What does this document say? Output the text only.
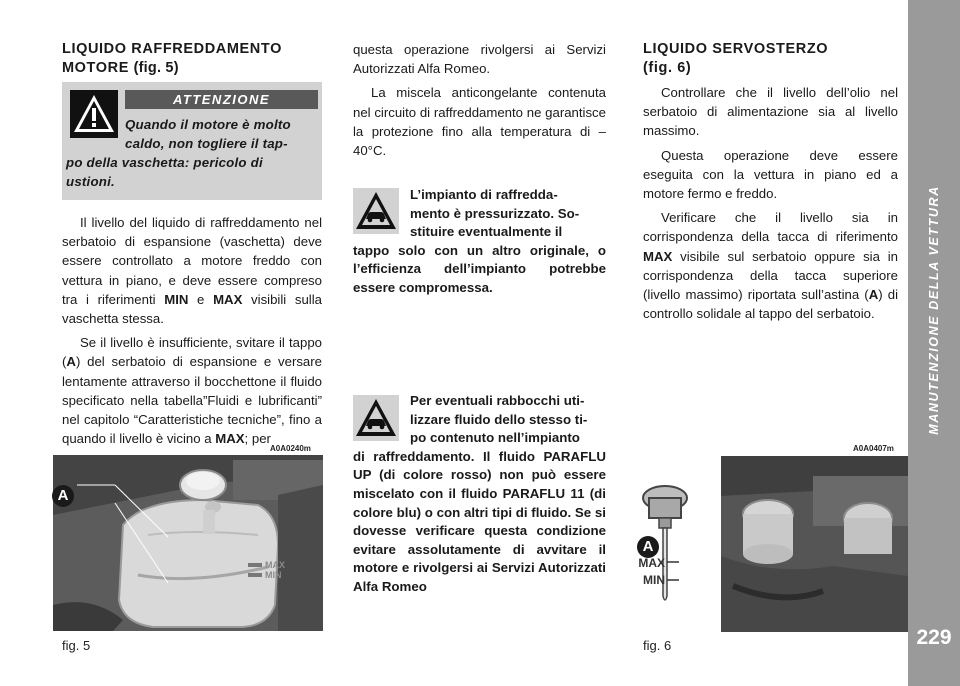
MANUTENZIONE DELLA VETTURA
229
LIQUIDO RAFFREDDAMENTO
MOTORE (fig. 5)
ATTENZIONE
Quando il motore è molto
caldo, non togliere il tap-
po della vaschetta: pericolo di
ustioni.

Il livello del liquido di raffreddamento nel serbatoio di espansione (vaschetta) deve essere controllato a motore freddo con vettura in piano, e deve essere compreso tra i riferimenti MIN e MAX visibili sulla vaschetta stessa.

Se il livello è insufficiente, svitare il tappo (A) del serbatoio di espansione e versare lentamente attraverso il bocchettone il fluido specificato nella tabella”Fluidi e lubrificanti” nel capitolo “Caratteristiche tecniche”, fino a quando il livello è vicino a MAX; per

questa operazione rivolgersi ai Servizi Autorizzati Alfa Romeo.

La miscela anticongelante contenuta nel circuito di raffreddamento ne garantisce la protezione fino alla temperatura di –40°C.

L’impianto di raffredda-

mento è pressurizzato. So-

stituire eventualmente il

tappo solo con un altro originale, o l’efficienza dell’impianto potrebbe essere compromessa.

Per eventuali rabbocchi uti-

lizzare fluido dello stesso ti-

po contenuto nell’impianto

di raffreddamento. Il fluido PARAFLU UP (di colore rosso) non può essere miscelato con il fluido PARAFLU 11 (di colore blu) o con altri tipi di fluido. Se si dovesse verificare questa condizione evitare assolutamente di avvitare il motore e rivolgersi ai Servizi Autorizzati Alfa Romeo

LIQUIDO SERVOSTERZO
(fig. 6)

Controllare che il livello dell’olio nel serbatoio di alimentazione sia al livello massimo.

Questa operazione deve essere eseguita con la vettura in piano ed a motore fermo e freddo.

Verificare che il livello sia in corrispondenza della tacca di riferimento MAX visibile sul serbatoio oppure sia in corrispondenza della tacca superiore (livello massimo) riportata sull’astina (A) di controllo solidale al tappo del serbatoio.

A0A0240m
A
MAX
MIN
fig. 5
A0A0407m
A
MAX
MIN
fig. 6
